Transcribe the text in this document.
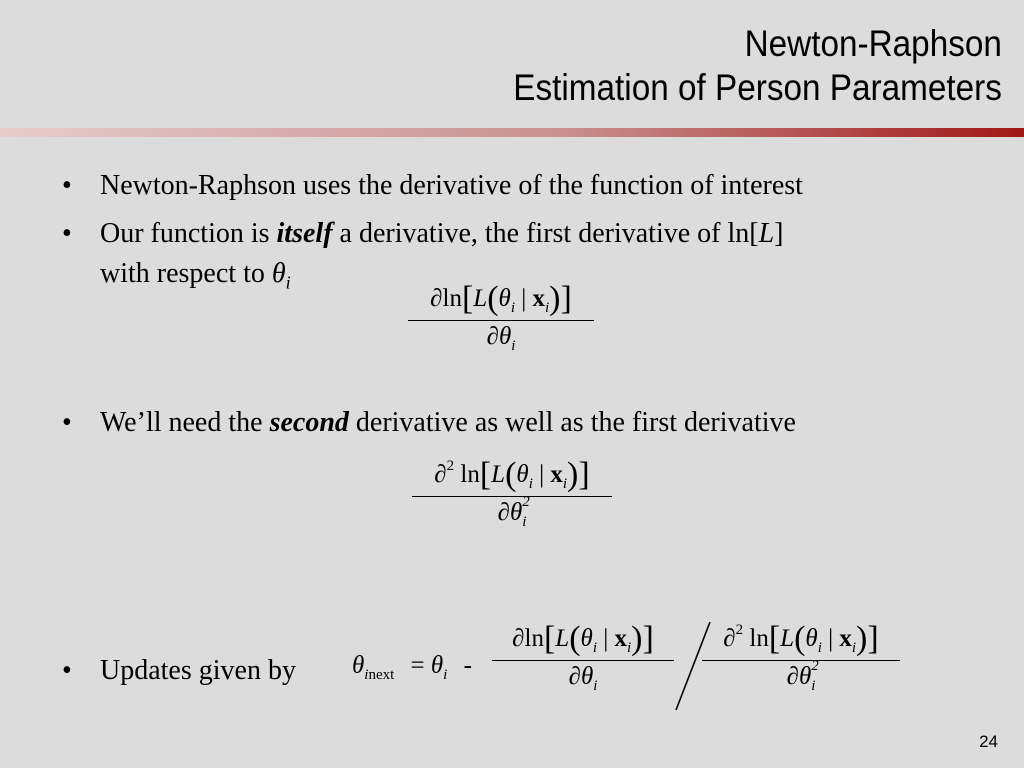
Newton-Raphson
Estimation of Person Parameters
• Newton-Raphson uses the derivative of the function of interest
• Our function is itself a derivative, the first derivative of ln[L]
with respect to $\theta_i$
$\partial\ln[L(\theta_i$ | $x_i$)]
$\partial\theta_i$
• We’ll need the second derivative as well as the first derivative
∂$^2$ $\ln[L(\theta_i$ | $x_i$)]
∂θ $_{2 i}$
• Updates given by	$\theta_{inext} = \theta_i$ -
$\partial\ln[L(\theta_i$ | $x_i$)]
$\partial\theta_i$
∂$^2$ $\ln[L(\theta_i$ | $x_i$)]
∂θ $_{2 i}$
24
